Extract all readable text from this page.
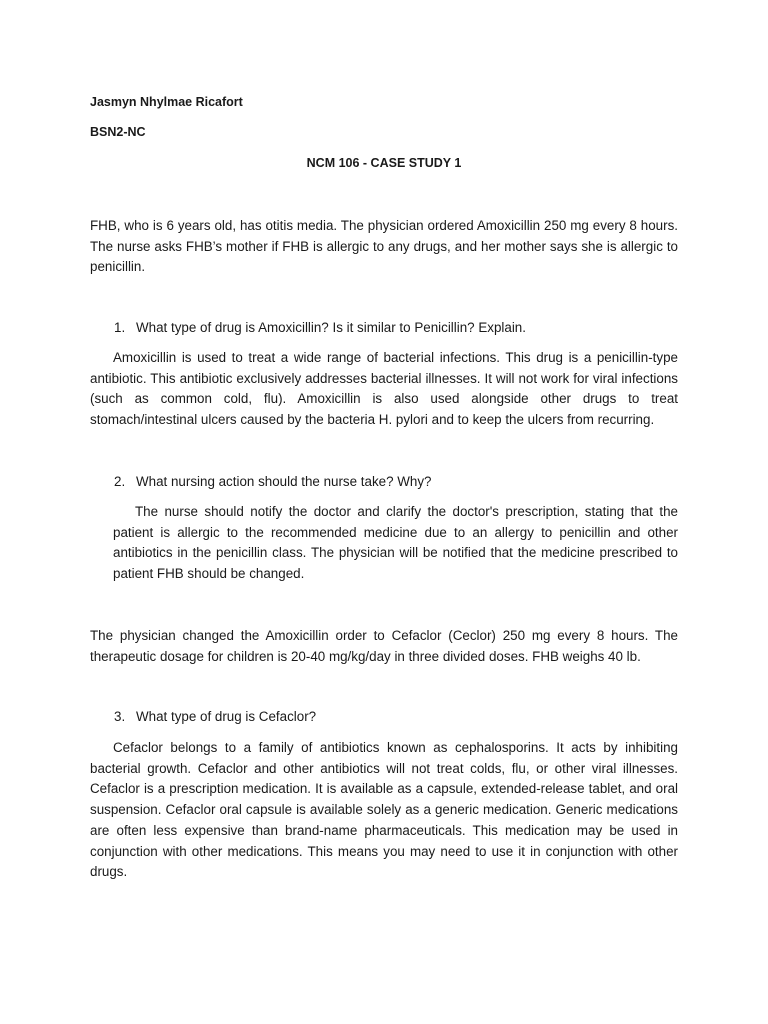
Jasmyn Nhylmae Ricafort
BSN2-NC
NCM 106 - CASE STUDY 1

FHB, who is 6 years old, has otitis media. The physician ordered Amoxicillin 250 mg every 8 hours. The nurse asks FHB’s mother if FHB is allergic to any drugs, and her mother says she is allergic to penicillin.

1. What type of drug is Amoxicillin? Is it similar to Penicillin? Explain.

Amoxicillin is used to treat a wide range of bacterial infections. This drug is a penicillin-type antibiotic. This antibiotic exclusively addresses bacterial illnesses. It will not work for viral infections (such as common cold, flu). Amoxicillin is also used alongside other drugs to treat stomach/intestinal ulcers caused by the bacteria H. pylori and to keep the ulcers from recurring.

2. What nursing action should the nurse take? Why?

The nurse should notify the doctor and clarify the doctor's prescription, stating that the patient is allergic to the recommended medicine due to an allergy to penicillin and other antibiotics in the penicillin class. The physician will be notified that the medicine prescribed to patient FHB should be changed.

The physician changed the Amoxicillin order to Cefaclor (Ceclor) 250 mg every 8 hours. The therapeutic dosage for children is 20-40 mg/kg/day in three divided doses. FHB weighs 40 lb.

3. What type of drug is Cefaclor?

Cefaclor belongs to a family of antibiotics known as cephalosporins. It acts by inhibiting bacterial growth. Cefaclor and other antibiotics will not treat colds, flu, or other viral illnesses. Cefaclor is a prescription medication. It is available as a capsule, extended-release tablet, and oral suspension. Cefaclor oral capsule is available solely as a generic medication. Generic medications are often less expensive than brand-name pharmaceuticals. This medication may be used in conjunction with other medications. This means you may need to use it in conjunction with other drugs.
